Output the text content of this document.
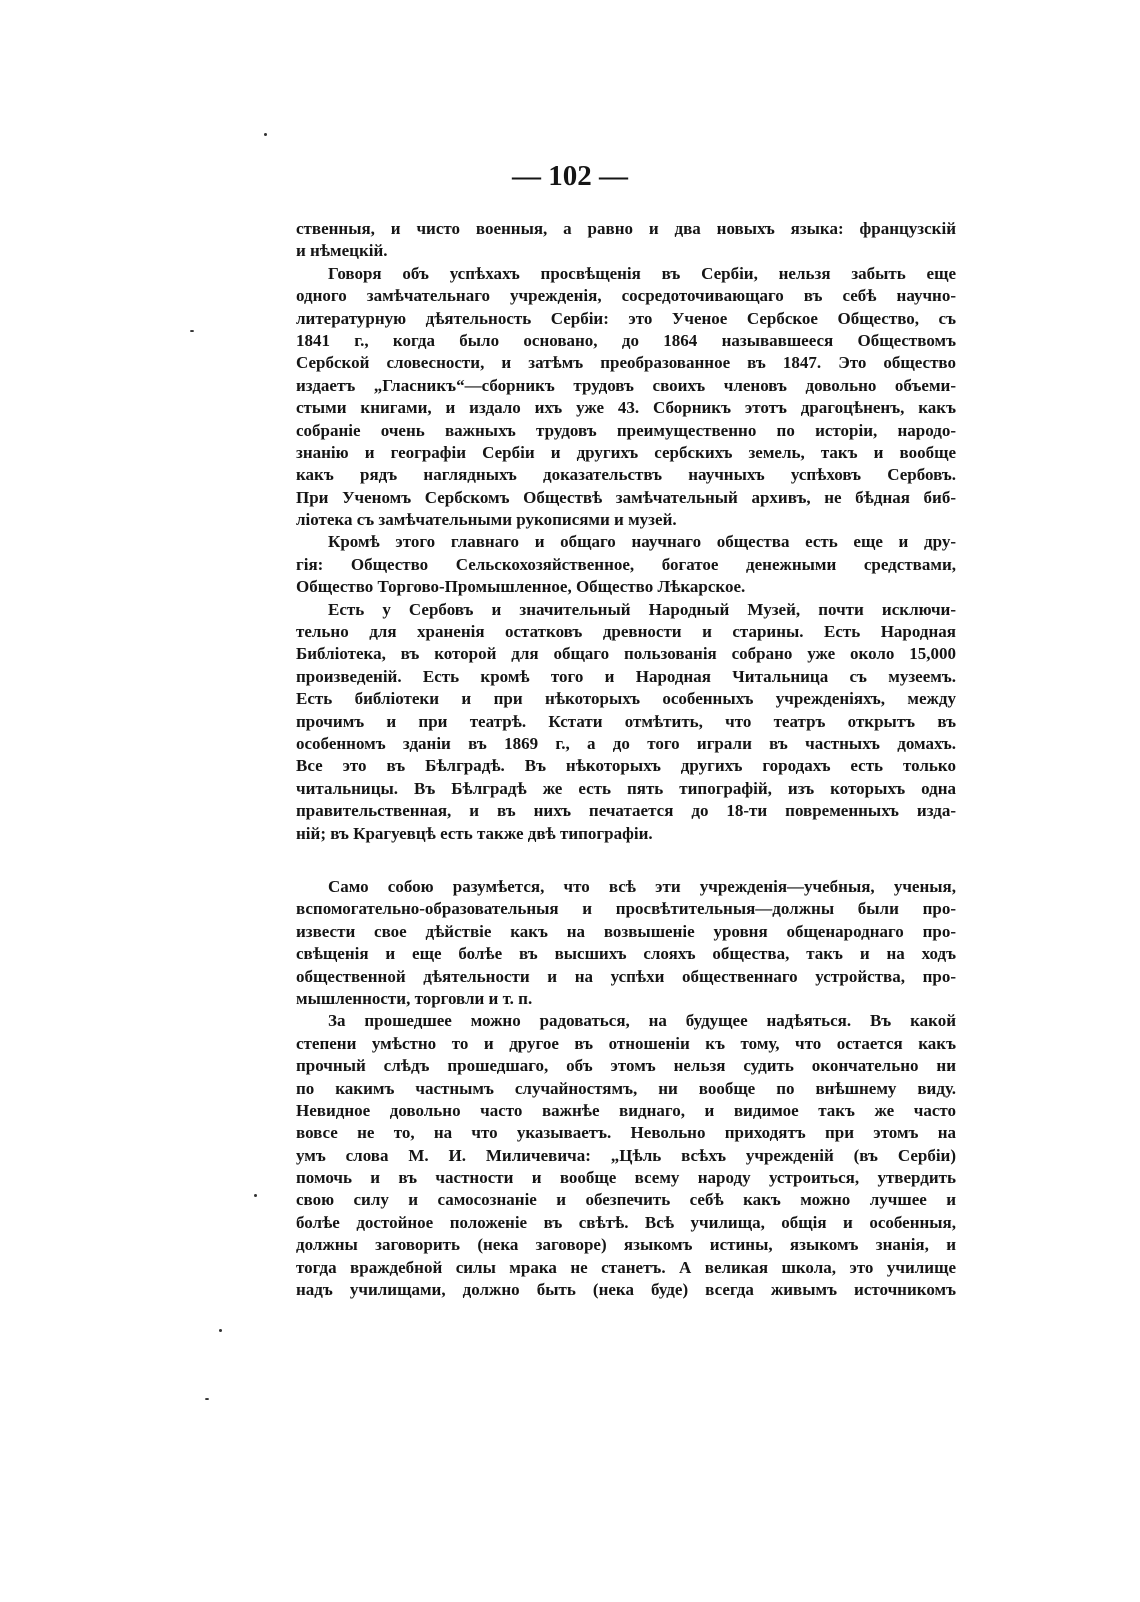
— 102 —
ственныя, и чисто военныя, а равно и два новыхъ языка: французскій
и нѣмецкій.
Говоря объ успѣхахъ просвѣщенія въ Сербіи, нельзя забыть еще
одного замѣчательнаго учрежденія, сосредоточивающаго въ себѣ научно-
литературную дѣятельность Сербіи: это Ученое Сербское Общество, съ
1841 г., когда было основано, до 1864 называвшееся Обществомъ
Сербской словесности, и затѣмъ преобразованное въ 1847. Это общество
издаетъ „Гласникъ“—сборникъ трудовъ своихъ членовъ довольно объеми-
стыми книгами, и издало ихъ уже 43. Сборникъ этотъ драгоцѣненъ, какъ
собраніе очень важныхъ трудовъ преимущественно по исторіи, народо-
знанію и географіи Сербіи и другихъ сербскихъ земель, такъ и вообще
какъ рядъ наглядныхъ доказательствъ научныхъ успѣховъ Сербовъ.
При Ученомъ Сербскомъ Обществѣ замѣчательный архивъ, не бѣдная биб-
ліотека съ замѣчательными рукописями и музей.
Кромѣ этого главнаго и общаго научнаго общества есть еще и дру-
гія: Общество Сельскохозяйственное, богатое денежными средствами,
Общество Торгово-Промышленное, Общество Лѣкарское.
Есть у Сербовъ и значительный Народный Музей, почти исключи-
тельно для храненія остатковъ древности и старины. Есть Народная
Библіотека, въ которой для общаго пользованія собрано уже около 15,000
произведеній. Есть кромѣ того и Народная Читальница съ музеемъ.
Есть библіотеки и при нѣкоторыхъ особенныхъ учрежденіяхъ, между
прочимъ и при театрѣ. Кстати отмѣтить, что театръ открытъ въ
особенномъ зданіи въ 1869 г., а до того играли въ частныхъ домахъ.
Все это въ Бѣлградѣ. Въ нѣкоторыхъ другихъ городахъ есть только
читальницы. Въ Бѣлградѣ же есть пять типографій, изъ которыхъ одна
правительственная, и въ нихъ печатается до 18-ти повременныхъ изда-
ній; въ Крагуевцѣ есть также двѣ типографіи.
Само собою разумѣется, что всѣ эти учрежденія—учебныя, ученыя,
вспомогательно-образовательныя и просвѣтительныя—должны были про-
извести свое дѣйствіе какъ на возвышеніе уровня общенароднаго про-
свѣщенія и еще болѣе въ высшихъ слояхъ общества, такъ и на ходъ
общественной дѣятельности и на успѣхи общественнаго устройства, про-
мышленности, торговли и т. п.
За прошедшее можно радоваться, на будущее надѣяться. Въ какой
степени умѣстно то и другое въ отношеніи къ тому, что остается какъ
прочный слѣдъ прошедшаго, объ этомъ нельзя судить окончательно ни
по какимъ частнымъ случайностямъ, ни вообще по внѣшнему виду.
Невидное довольно часто важнѣе виднаго, и видимое такъ же часто
вовсе не то, на что указываетъ. Невольно приходятъ при этомъ на
умъ слова М. И. Миличевича: „Цѣль всѣхъ учрежденій (въ Сербіи)
помочь и въ частности и вообще всему народу устроиться, утвердить
свою силу и самосознаніе и обезпечить себѣ какъ можно лучшее и
болѣе достойное положеніе въ свѣтѣ. Всѣ училища, общія и особенныя,
должны заговорить (нека заговоре) языкомъ истины, языкомъ знанія, и
тогда враждебной силы мрака не станетъ. А великая школа, это училище
надъ училищами, должно быть (нека буде) всегда живымъ источникомъ
